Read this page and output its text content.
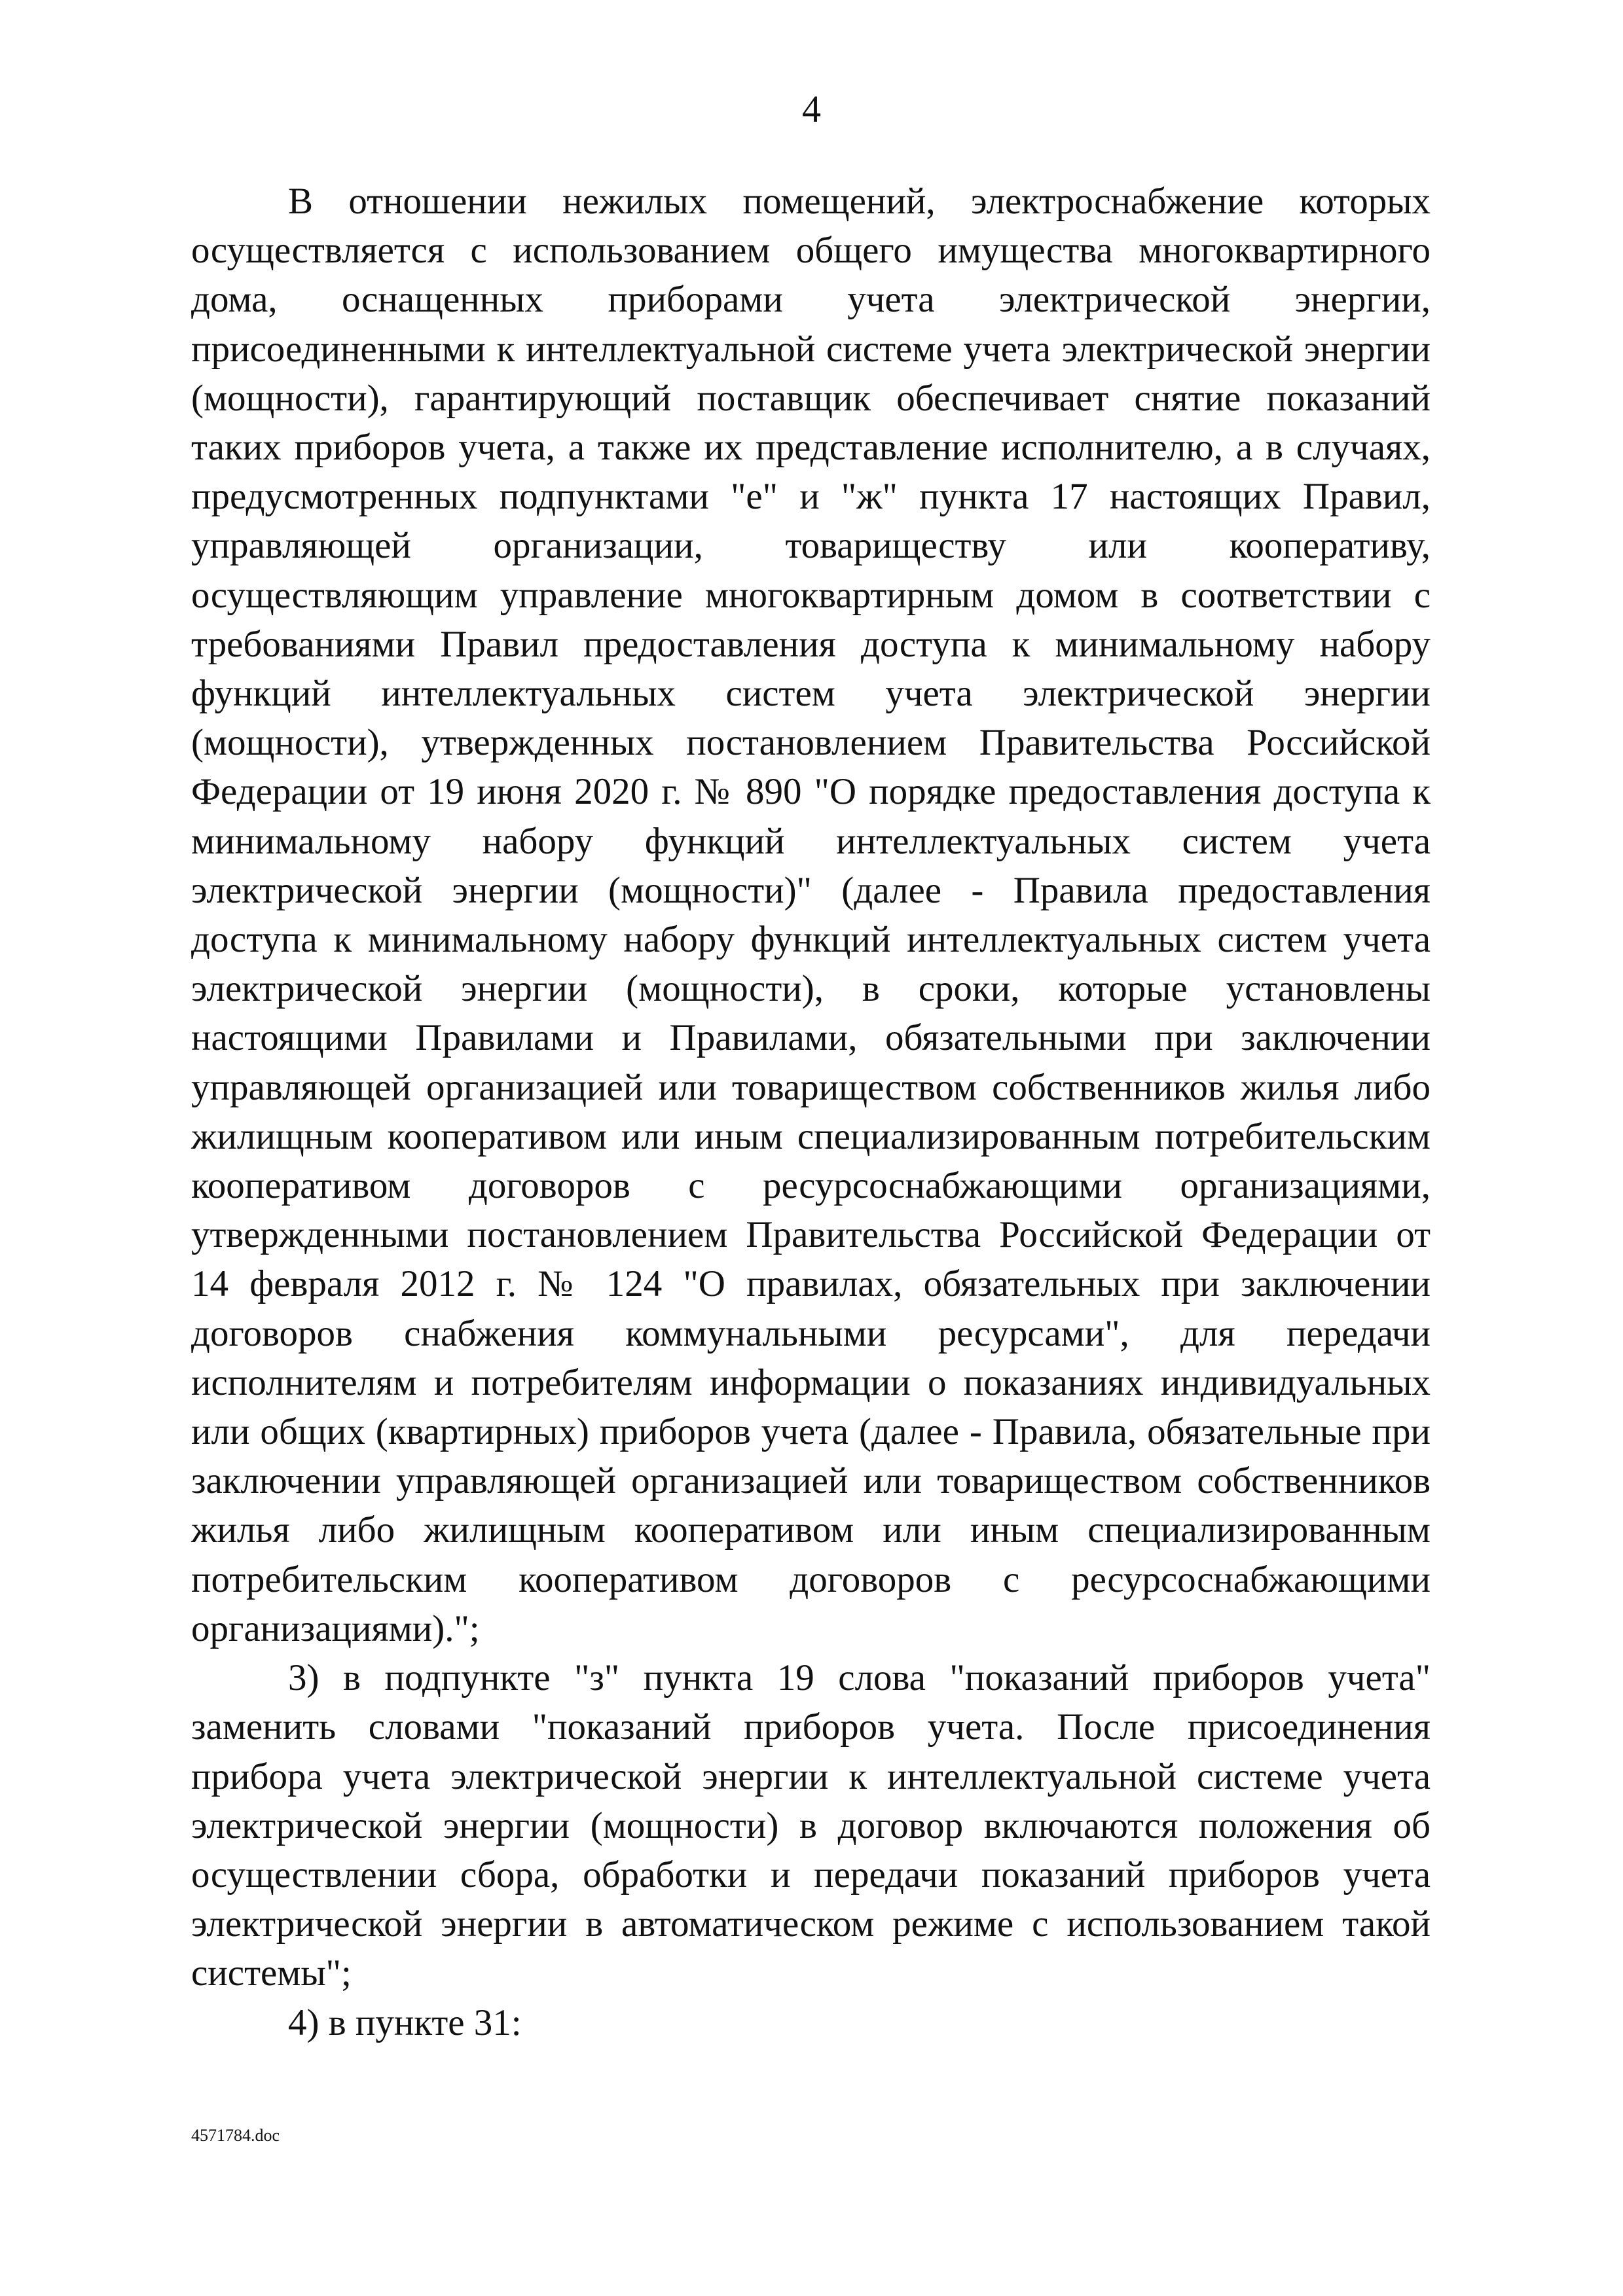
4

В отношении нежилых помещений, электроснабжение которых осуществляется с использованием общего имущества многоквартирного дома, оснащенных приборами учета электрической энергии, присоединенными к интеллектуальной системе учета электрической энергии (мощности), гарантирующий поставщик обеспечивает снятие показаний таких приборов учета, а также их представление исполнителю, а в случаях, предусмотренных подпунктами "е" и "ж" пункта 17 настоящих Правил, управляющей организации, товариществу или кооперативу, осуществляющим управление многоквартирным домом в соответствии с требованиями Правил предоставления доступа к минимальному набору функций интеллектуальных систем учета электрической энергии (мощности), утвержденных постановлением Правительства Российской Федерации от 19 июня 2020 г. № 890 "О порядке предоставления доступа к минимальному набору функций интеллектуальных систем учета электрической энергии (мощности)" (далее - Правила предоставления доступа к минимальному набору функций интеллектуальных систем учета электрической энергии (мощности), в сроки, которые установлены настоящими Правилами и Правилами, обязательными при заключении управляющей организацией или товариществом собственников жилья либо жилищным кооперативом или иным специализированным потребительским кооперативом договоров с ресурсоснабжающими организациями, утвержденными постановлением Правительства Российской Федерации от 14 февраля 2012 г. № 124 "О правилах, обязательных при заключении договоров снабжения коммунальными ресурсами", для передачи исполнителям и потребителям информации о показаниях индивидуальных или общих (квартирных) приборов учета (далее - Правила, обязательные при заключении управляющей организацией или товариществом собственников жилья либо жилищным кооперативом или иным специализированным потребительским кооперативом договоров с ресурсоснабжающими организациями).";

3) в подпункте "з" пункта 19 слова "показаний приборов учета" заменить словами "показаний приборов учета. После присоединения прибора учета электрической энергии к интеллектуальной системе учета электрической энергии (мощности) в договор включаются положения об осуществлении сбора, обработки и передачи показаний приборов учета электрической энергии в автоматическом режиме с использованием такой системы";

4) в пункте 31:

4571784.doc
